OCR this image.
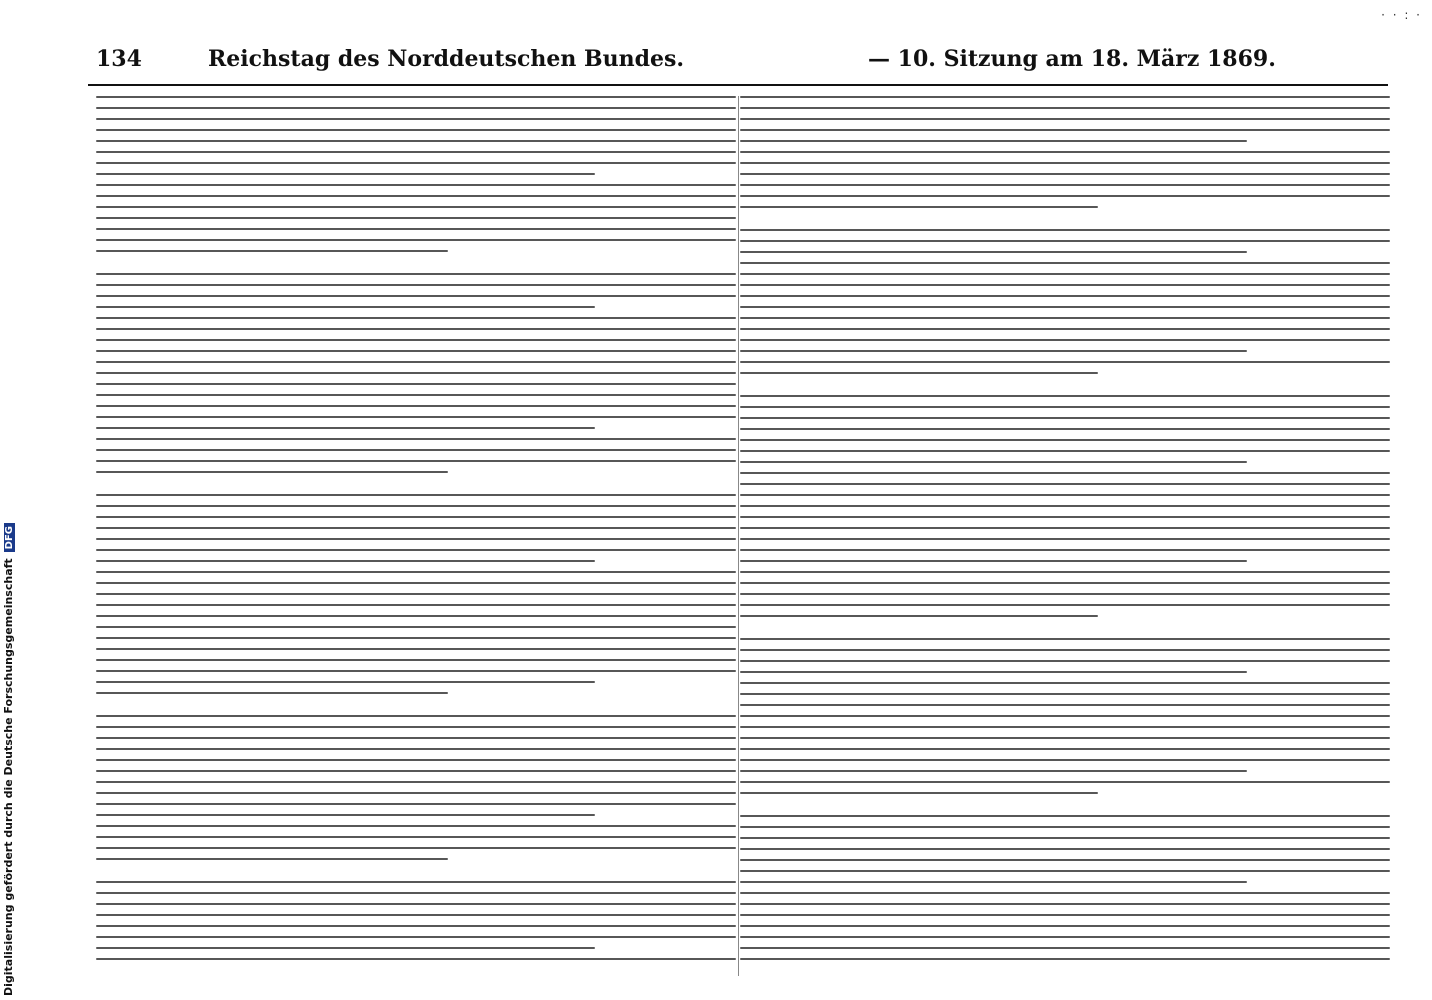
134	Reichstag des Norddeutschen Bundes.	— 10. Sitzung am 18. März 1869.
· · : ·
Digitalisierung gefördert durch die Deutsche ForschungsgemeinschaftDFG
